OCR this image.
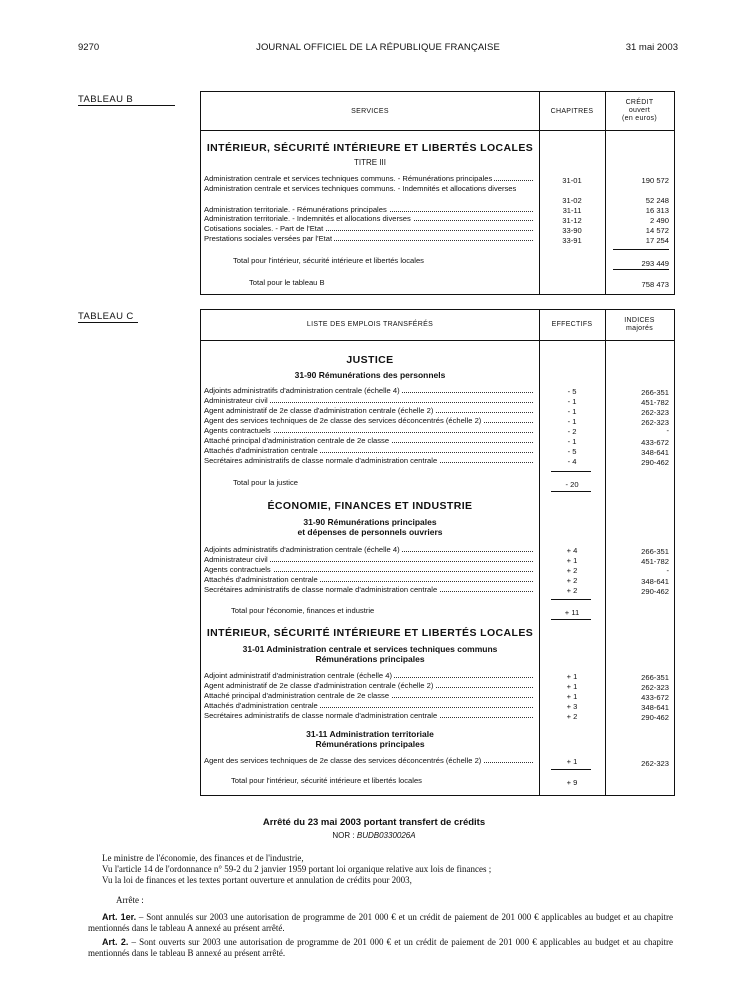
9270	JOURNAL OFFICIEL DE LA RÉPUBLIQUE FRANÇAISE	31 mai 2003
TABLEAU B
SERVICES	CHAPITRES
CRÉDIT
ouvert
(en euros)
INTÉRIEUR, SÉCURITÉ INTÉRIEURE ET LIBERTÉS LOCALES
TITRE III
Administration centrale et services techniques communs. - Rémunérations principales	31-01	190 572
Administration centrale et services techniques communs. - Indemnités et allocations diverses
31-02	52 248
Administration territoriale. - Rémunérations principales	31-11	16 313
Administration territoriale. - Indemnités et allocations diverses	31-12	2 490
Cotisations sociales. - Part de l'Etat	33-90	14 572
Prestations sociales versées par l'Etat	33-91	17 254
Total pour l'intérieur, sécurité intérieure et libertés locales	293 449
Total pour le tableau B	758 473
TABLEAU C
LISTE DES EMPLOIS TRANSFÉRÉS	EFFECTIFS
INDICES
majorés
JUSTICE
31-90 Rémunérations des personnels
Adjoints administratifs d'administration centrale (échelle 4)	- 5	266-351
Administrateur civil	- 1	451-782
Agent administratif de 2e classe d'administration centrale (échelle 2)	- 1	262-323
Agent des services techniques de 2e classe des services déconcentrés (échelle 2)	- 1	262-323
Agents contractuels	- 2	-
Attaché principal d'administration centrale de 2e classe	- 1	433-672
Attachés d'administration centrale	- 5	348-641
Secrétaires administratifs de classe normale d'administration centrale	- 4	290-462
Total pour la justice	- 20
ÉCONOMIE, FINANCES ET INDUSTRIE
31-90 Rémunérations principales
et dépenses de personnels ouvriers
Adjoints administratifs d'administration centrale (échelle 4)	+ 4	266-351
Administrateur civil	+ 1	451-782
Agents contractuels	+ 2	-
Attachés d'administration centrale	+ 2	348-641
Secrétaires administratifs de classe normale d'administration centrale	+ 2	290-462
Total pour l'économie, finances et industrie	+ 11
INTÉRIEUR, SÉCURITÉ INTÉRIEURE ET LIBERTÉS LOCALES
31-01 Administration centrale et services techniques communs
Rémunérations principales
Adjoint administratif d'administration centrale (échelle 4)	+ 1	266-351
Agent administratif de 2e classe d'administration centrale (échelle 2)	+ 1	262-323
Attaché principal d'administration centrale de 2e classe	+ 1	433-672
Attachés d'administration centrale	+ 3	348-641
Secrétaires administratifs de classe normale d'administration centrale	+ 2	290-462
31-11 Administration territoriale
Rémunérations principales
Agent des services techniques de 2e classe des services déconcentrés (échelle 2)	+ 1	262-323
Total pour l'intérieur, sécurité intérieure et libertés locales	+ 9
Arrêté du 23 mai 2003 portant transfert de crédits
NOR : BUDB0330026A
Le ministre de l'économie, des finances et de l'industrie,
Vu l'article 14 de l'ordonnance n° 59-2 du 2 janvier 1959 portant loi organique relative aux lois de finances ;
Vu la loi de finances et les textes portant ouverture et annulation de crédits pour 2003,
Arrête :
Art. 1er. – Sont annulés sur 2003 une autorisation de programme de 201 000 € et un crédit de paiement de 201 000 € applicables au budget et au chapitre mentionnés dans le tableau A annexé au présent arrêté.
Art. 2. – Sont ouverts sur 2003 une autorisation de programme de 201 000 € et un crédit de paiement de 201 000 € applicables au budget et au chapitre mentionnés dans le tableau B annexé au présent arrêté.
